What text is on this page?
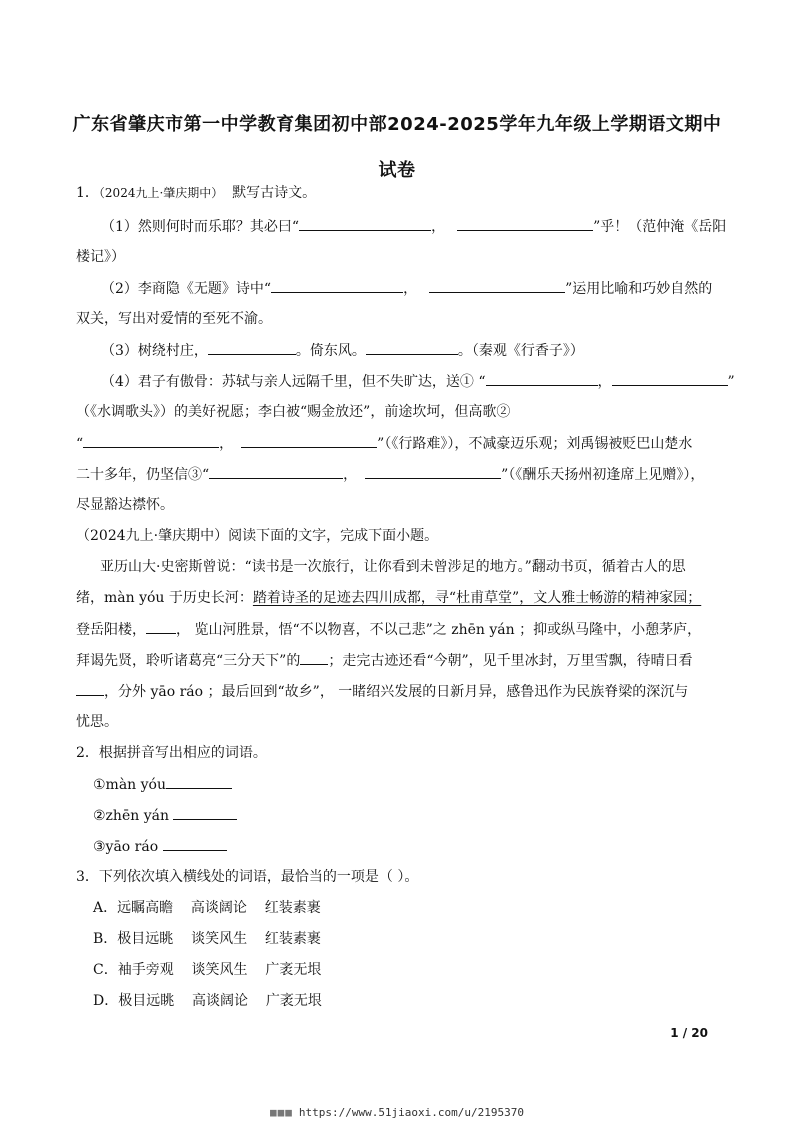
广东省肇庆市第一中学教育集团初中部2024-2025学年九年级上学期语文期中
试卷
1．（2024九上·肇庆期中） 默写古诗文。
（1）然则何时而乐耶？其必曰“	，	”乎！（范仲淹《岳阳
楼记》）
（2）李商隐《无题》诗中“	，	”运用比喻和巧妙自然的
双关，写出对爱情的至死不渝。
（3）树绕村庄，	。倚东风。	。（秦观《行香子》）
（4）君子有傲骨：苏轼与亲人远隔千里，但不失旷达，送① “	，	”
（《水调歌头》）的美好祝愿；李白被“赐金放还”，前途坎坷，但高歌②
“	，	”（《行路难》），不减豪迈乐观；刘禹锡被贬巴山楚水
二十多年，仍坚信③“	，	”（《酬乐天扬州初逢席上见赠》），
尽显豁达襟怀。
（2024九上·肇庆期中）阅读下面的文字，完成下面小题。
亚历山大·史密斯曾说：“读书是一次旅行，让你看到未曾涉足的地方。”翻动书页，循着古人的思
绪，màn yóu 于历史长河：踏着诗圣的足迹去四川成都，寻“杜甫草堂”，文人雅士畅游的精神家园；
登岳阳楼， ， 览山河胜景，悟“不以物喜，不以己悲”之 zhēn yán ；抑或纵马隆中，小憩茅庐，
拜谒先贤，聆听诸葛亮“三分天下”的 ；走完古迹还看“今朝”，见千里冰封，万里雪飘，待晴日看
，分外 yāo ráo ；最后回到“故乡”， 一睹绍兴发展的日新月异，感鲁迅作为民族脊梁的深沉与
忧思。
2．根据拼音写出相应的词语。
①màn yóu
②zhēn yán
③yāo ráo
3．下列依次填入横线处的词语，最恰当的一项是（ ）。
A．远瞩高瞻    高谈阔论    红装素裹
B．极目远眺    谈笑风生    红装素裹
C．袖手旁观    谈笑风生    广袤无垠
D．极目远眺    高谈阔论    广袤无垠
1 / 20
■■■ https://www.51jiaoxi.com/u/2195370
